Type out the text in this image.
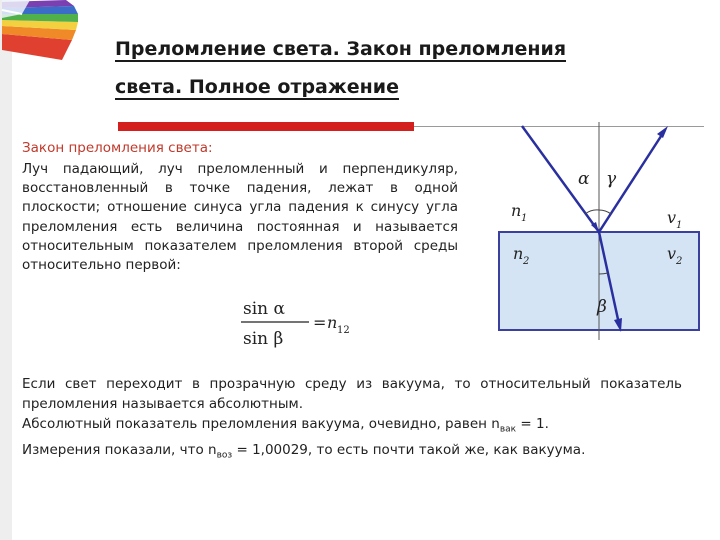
Преломление света. Закон преломления
света. Полное отражение
Закон преломления света:
Луч падающий, луч преломленный и перпендикуляр, восстановленный в точке падения, лежат в одной плоскости; отношение синуса угла падения к синусу угла преломления есть величина постоянная и называется относительным показателем преломления второй среды относительно первой:
sin α
sin β
= n 12
α γ
β
n 1	v 1
n 2	v 2

Если свет переходит в прозрачную среду из вакуума, то относительный показатель преломления называется абсолютным.

Абсолютный показатель преломления вакуума, очевидно, равен $n_{вак} = 1$.

Измерения показали, что $n_{воз} = 1,00029$, то есть почти такой же, как вакуума.
